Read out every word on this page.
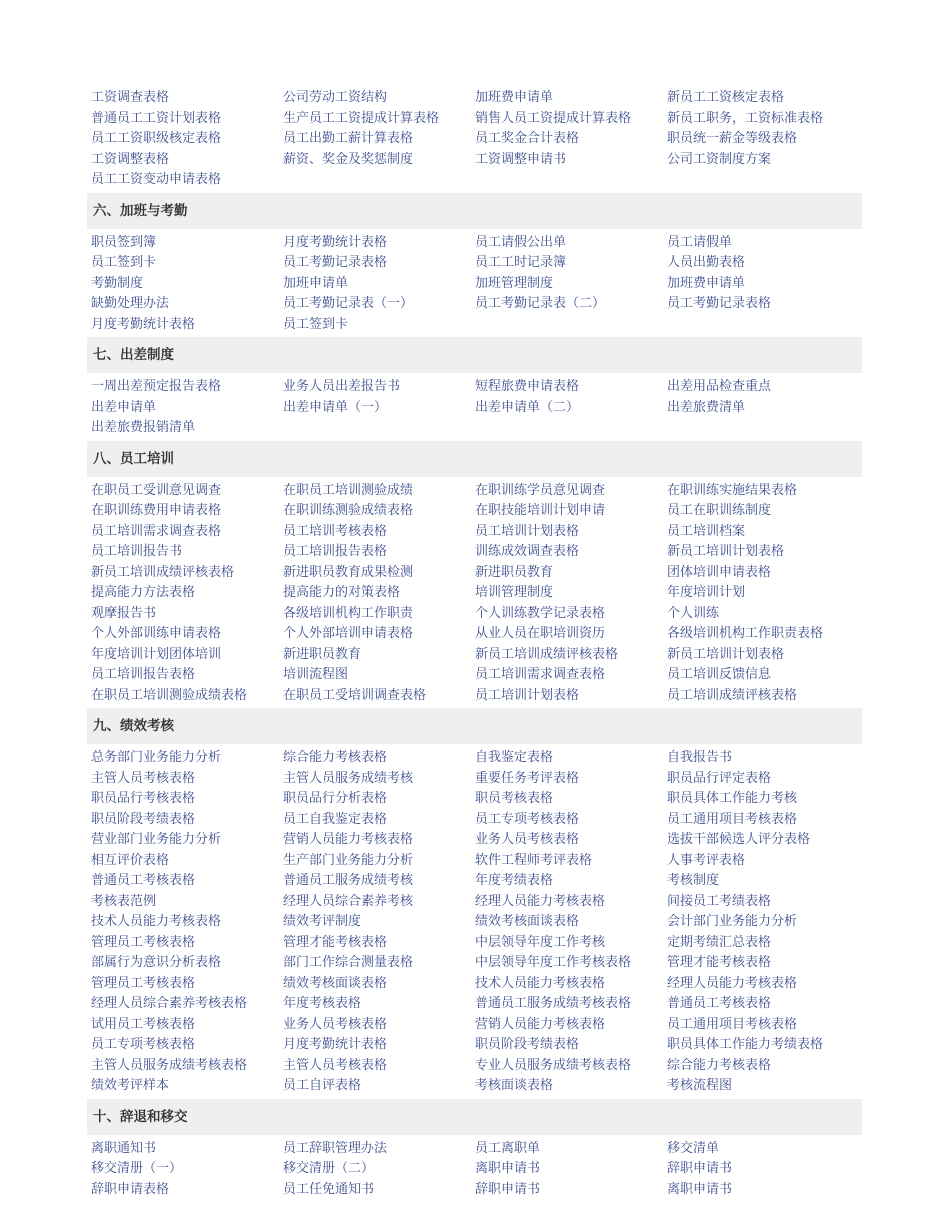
工资调查表格	公司劳动工资结构	加班费申请单	新员工工资核定表格
普通员工工资计划表格	生产员工工资提成计算表格	销售人员工资提成计算表格	新员工职务，工资标准表格
员工工资职级核定表格	员工出勤工薪计算表格	员工奖金合计表格	职员统一薪金等级表格
工资调整表格	薪资、奖金及奖惩制度	工资调整申请书	公司工资制度方案
员工工资变动申请表格
六、加班与考勤
职员签到簿	月度考勤统计表格	员工请假公出单	员工请假单
员工签到卡	员工考勤记录表格	员工工时记录簿	人员出勤表格
考勤制度	加班申请单	加班管理制度	加班费申请单
缺勤处理办法	员工考勤记录表（一）	员工考勤记录表（二）	员工考勤记录表格
月度考勤统计表格	员工签到卡
七、出差制度
一周出差预定报告表格	业务人员出差报告书	短程旅费申请表格	出差用品检查重点
出差申请单	出差申请单（一）	出差申请单（二）	出差旅费清单
出差旅费报销清单
八、员工培训
在职员工受训意见调查	在职员工培训测验成绩	在职训练学员意见调查	在职训练实施结果表格
在职训练费用申请表格	在职训练测验成绩表格	在职技能培训计划申请	员工在职训练制度
员工培训需求调查表格	员工培训考核表格	员工培训计划表格	员工培训档案
员工培训报告书	员工培训报告表格	训练成效调查表格	新员工培训计划表格
新员工培训成绩评核表格	新进职员教育成果检测	新进职员教育	团体培训申请表格
提高能力方法表格	提高能力的对策表格	培训管理制度	年度培训计划
观摩报告书	各级培训机构工作职责	个人训练教学记录表格	个人训练
个人外部训练申请表格	个人外部培训申请表格	从业人员在职培训资历	各级培训机构工作职责表格
年度培训计划团体培训	新进职员教育	新员工培训成绩评核表格	新员工培训计划表格
员工培训报告表格	培训流程图	员工培训需求调查表格	员工培训反馈信息
在职员工培训测验成绩表格	在职员工受培训调查表格	员工培训计划表格	员工培训成绩评核表格
九、绩效考核
总务部门业务能力分析	综合能力考核表格	自我鉴定表格	自我报告书
主管人员考核表格	主管人员服务成绩考核	重要任务考评表格	职员品行评定表格
职员品行考核表格	职员品行分析表格	职员考核表格	职员具体工作能力考核
职员阶段考绩表格	员工自我鉴定表格	员工专项考核表格	员工通用项目考核表格
营业部门业务能力分析	营销人员能力考核表格	业务人员考核表格	选拔干部候选人评分表格
相互评价表格	生产部门业务能力分析	软件工程师考评表格	人事考评表格
普通员工考核表格	普通员工服务成绩考核	年度考绩表格	考核制度
考核表范例	经理人员综合素养考核	经理人员能力考核表格	间接员工考绩表格
技术人员能力考核表格	绩效考评制度	绩效考核面谈表格	会计部门业务能力分析
管理员工考核表格	管理才能考核表格	中层领导年度工作考核	定期考绩汇总表格
部属行为意识分析表格	部门工作综合测量表格	中层领导年度工作考核表格	管理才能考核表格
管理员工考核表格	绩效考核面谈表格	技术人员能力考核表格	经理人员能力考核表格
经理人员综合素养考核表格	年度考核表格	普通员工服务成绩考核表格	普通员工考核表格
试用员工考核表格	业务人员考核表格	营销人员能力考核表格	员工通用项目考核表格
员工专项考核表格	月度考勤统计表格	职员阶段考绩表格	职员具体工作能力考绩表格
主管人员服务成绩考核表格	主管人员考核表格	专业人员服务成绩考核表格	综合能力考核表格
绩效考评样本	员工自评表格	考核面谈表格	考核流程图
十、辞退和移交
离职通知书	员工辞职管理办法	员工离职单	移交清单
移交清册（一）	移交清册（二）	离职申请书	辞职申请书
辞职申请表格	员工任免通知书	辞职申请书	离职申请书
